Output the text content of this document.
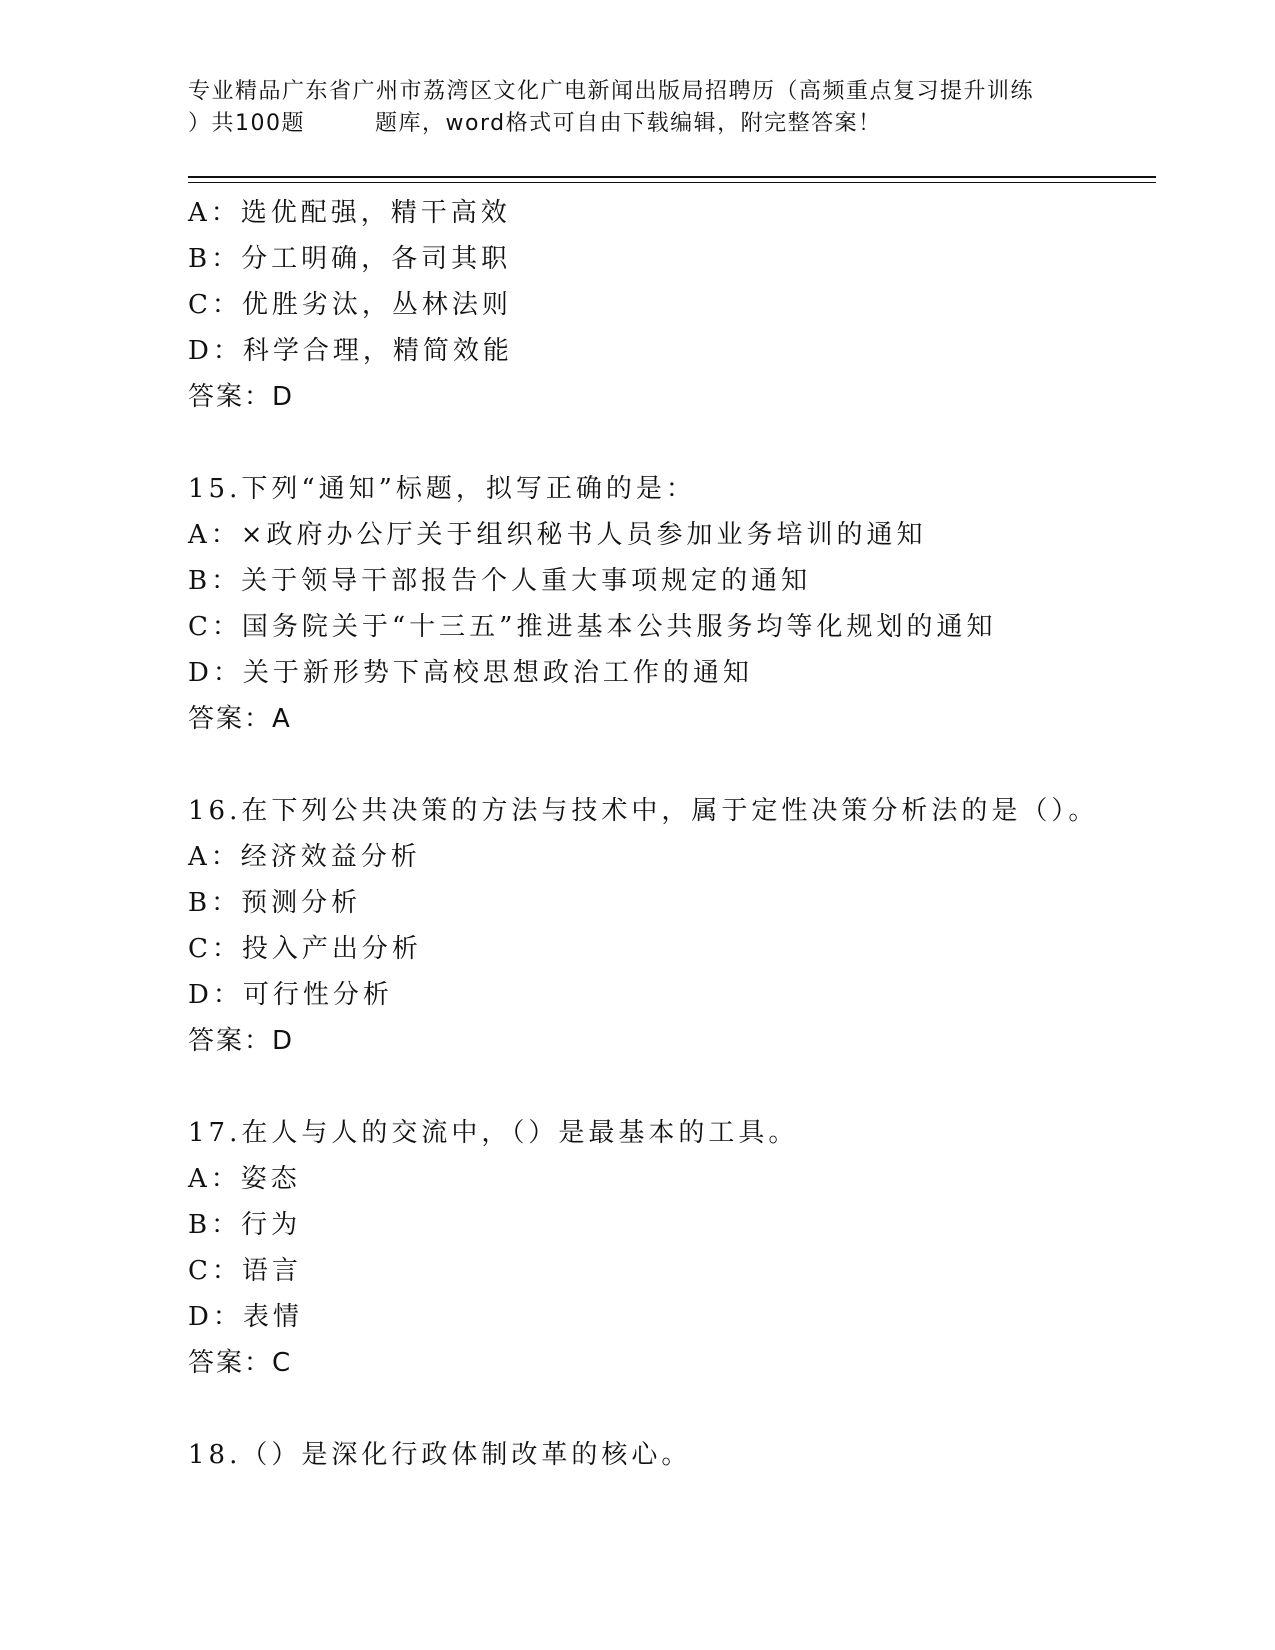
专业精品广东省广州市荔湾区文化广电新闻出版局招聘历（高频重点复习提升训练
）共100题	题库，word格式可自由下载编辑，附完整答案！
A：选优配强，精干高效
B：分工明确，各司其职
C：优胜劣汰，丛林法则
D：科学合理，精简效能
答案：D
15.下列“通知”标题，拟写正确的是：
A：×政府办公厅关于组织秘书人员参加业务培训的通知
B：关于领导干部报告个人重大事项规定的通知
C：国务院关于“十三五”推进基本公共服务均等化规划的通知
D：关于新形势下高校思想政治工作的通知
答案：A
16.在下列公共决策的方法与技术中，属于定性决策分析法的是（）。
A：经济效益分析
B：预测分析
C：投入产出分析
D：可行性分析
答案：D
17.在人与人的交流中，（）是最基本的工具。
A：姿态
B：行为
C：语言
D：表情
答案：C
18.（）是深化行政体制改革的核心。
